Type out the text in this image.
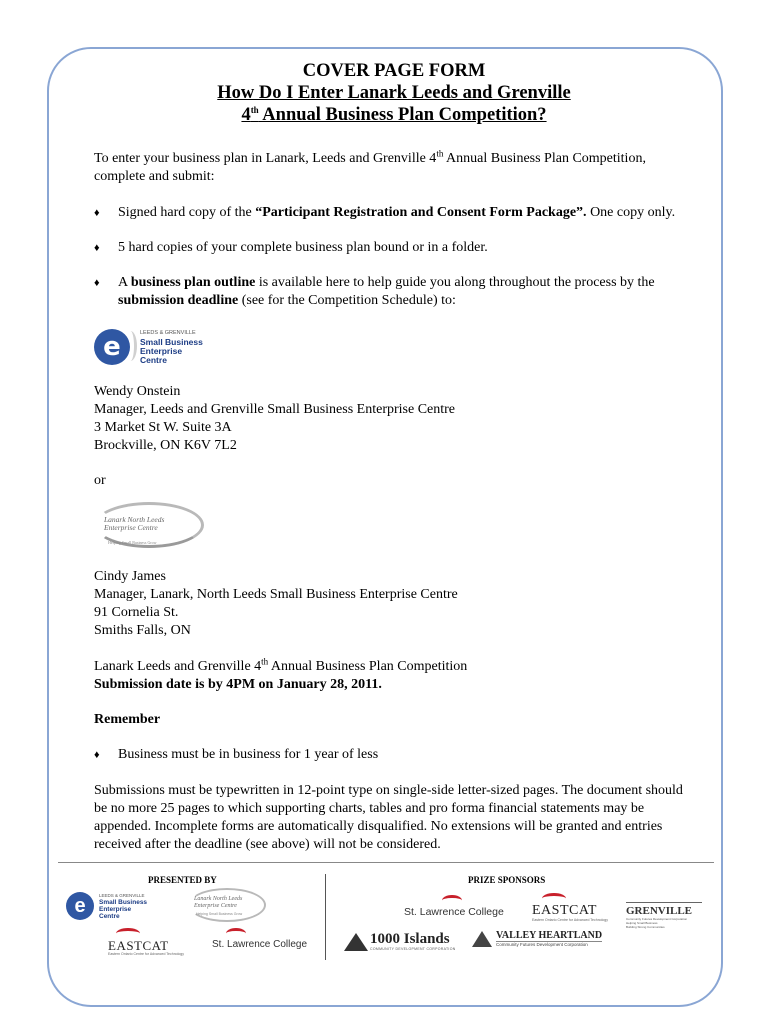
COVER PAGE FORM
How Do I Enter Lanark Leeds and Grenville
4th Annual Business Plan Competition?

To enter your business plan in Lanark, Leeds and Grenville 4th Annual Business Plan Competition, complete and submit:

♦ Signed hard copy of the “Participant Registration and Consent Form Package”. One copy only.
♦ 5 hard copies of your complete business plan bound or in a folder.
♦ A business plan outline is available here to help guide you along throughout the process by the submission deadline (see for the Competition Schedule) to:
e	LEEDS & GRENVILLE
Small Business
Enterprise
Centre
Wendy Onstein
Manager, Leeds and Grenville Small Business Enterprise Centre
3 Market St W. Suite 3A
Brockville, ON K6V 7L2

or

Lanark North Leeds
Enterprise Centre
Helping Small Business Grow
Cindy James
Manager, Lanark, North Leeds Small Business Enterprise Centre
91 Cornelia St.
Smiths Falls, ON
Lanark Leeds and Grenville 4th Annual Business Plan Competition
Submission date is by 4PM on January 28, 2011.

Remember

♦ Business must be in business for 1 year of less

Submissions must be typewritten in 12-point type on single-side letter-sized pages. The document should be no more 25 pages to which supporting charts, tables and pro forma financial statements may be appended. Incomplete forms are automatically disqualified. No extensions will be granted and entries received after the deadline (see above) will not be considered.

PRESENTED BY	PRIZE SPONSORS
e	LEEDS & GRENVILLE
Small Business
Enterprise
Centre
Lanark North Leeds
Enterprise Centre
Helping Small Business Grow
EASTCAT
Eastern Ontario Centre for Advanced Technology
St. Lawrence College
St. Lawrence College EASTCAT
Eastern Ontario Centre for Advanced Technology
GRENVILLE
Community Futures Development Corporation
Helping Small Business
Building Strong Communities
1000 Islands
COMMUNITY DEVELOPMENT CORPORATION
VALLEY HEARTLAND
Community Futures Development Corporation
